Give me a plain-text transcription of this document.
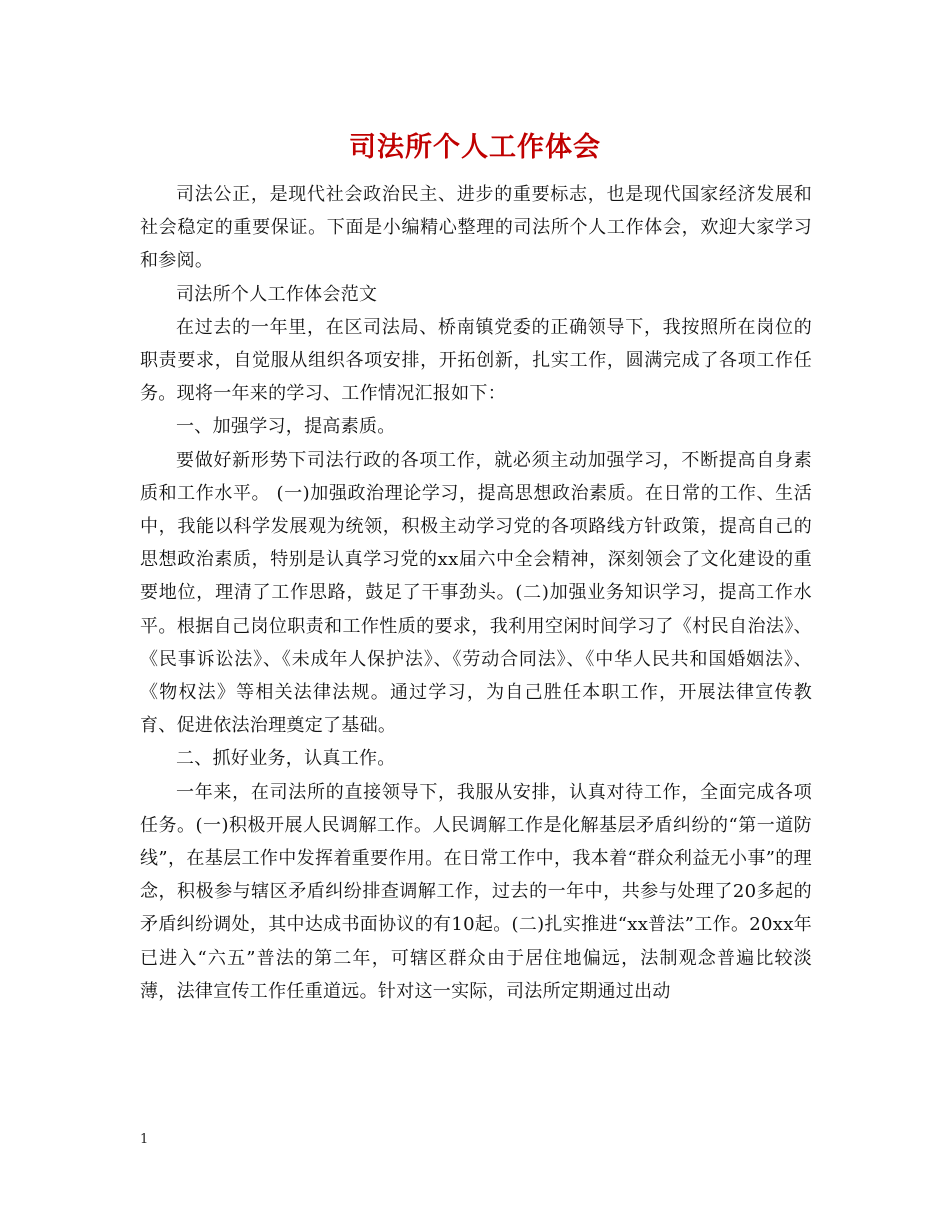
司法所个人工作体会

司法公正，是现代社会政治民主、进步的重要标志，也是现代国家经济发展和社会稳定的重要保证。下面是小编精心整理的司法所个人工作体会，欢迎大家学习和参阅。

司法所个人工作体会范文

在过去的一年里，在区司法局、桥南镇党委的正确领导下，我按照所在岗位的职责要求，自觉服从组织各项安排，开拓创新，扎实工作，圆满完成了各项工作任务。现将一年来的学习、工作情况汇报如下：

一、加强学习，提高素质。

要做好新形势下司法行政的各项工作，就必须主动加强学习，不断提高自身素质和工作水平。 (一)加强政治理论学习，提高思想政治素质。在日常的工作、生活中，我能以科学发展观为统领，积极主动学习党的各项路线方针政策，提高自己的思想政治素质，特别是认真学习党的xx届六中全会精神，深刻领会了文化建设的重要地位，理清了工作思路，鼓足了干事劲头。(二)加强业务知识学习，提高工作水平。根据自己岗位职责和工作性质的要求，我利用空闲时间学习了《村民自治法》、《民事诉讼法》、《未成年人保护法》、《劳动合同法》、《中华人民共和国婚姻法》、《物权法》等相关法律法规。通过学习，为自己胜任本职工作，开展法律宣传教育、促进依法治理奠定了基础。

二、抓好业务，认真工作。

一年来，在司法所的直接领导下，我服从安排，认真对待工作，全面完成各项任务。(一)积极开展人民调解工作。人民调解工作是化解基层矛盾纠纷的“第一道防线”，在基层工作中发挥着重要作用。在日常工作中，我本着“群众利益无小事”的理念，积极参与辖区矛盾纠纷排查调解工作，过去的一年中，共参与处理了20多起的矛盾纠纷调处，其中达成书面协议的有10起。(二)扎实推进“xx普法”工作。20xx年已进入“六五”普法的第二年，可辖区群众由于居住地偏远，法制观念普遍比较淡薄，法律宣传工作任重道远。针对这一实际，司法所定期通过出动

1
